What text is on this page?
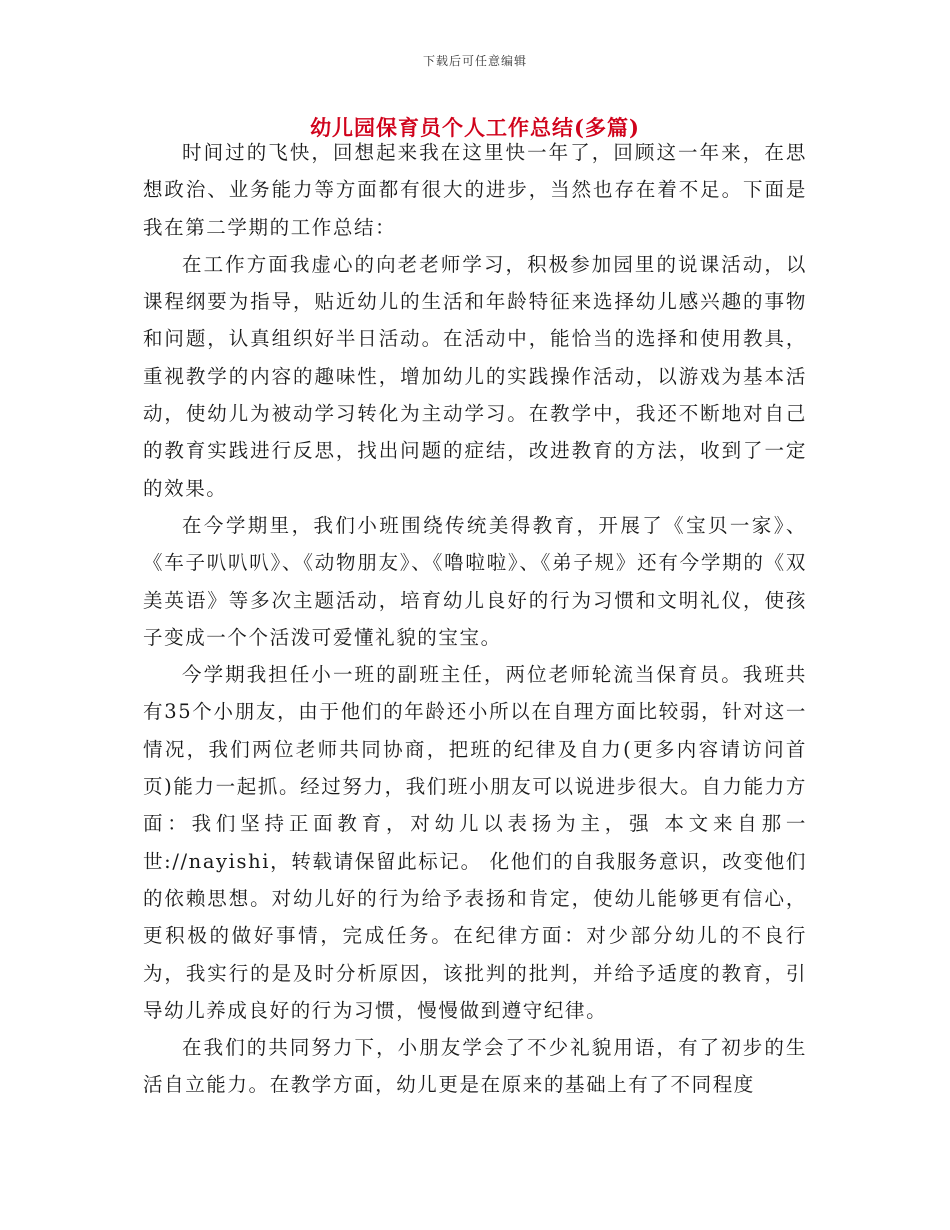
下载后可任意编辑
幼儿园保育员个人工作总结(多篇)

时间过的飞快，回想起来我在这里快一年了，回顾这一年来，在思想政治、业务能力等方面都有很大的进步，当然也存在着不足。下面是我在第二学期的工作总结：

在工作方面我虚心的向老老师学习，积极参加园里的说课活动，以课程纲要为指导，贴近幼儿的生活和年龄特征来选择幼儿感兴趣的事物和问题，认真组织好半日活动。在活动中，能恰当的选择和使用教具，重视教学的内容的趣味性，增加幼儿的实践操作活动，以游戏为基本活动，使幼儿为被动学习转化为主动学习。在教学中，我还不断地对自己的教育实践进行反思，找出问题的症结，改进教育的方法，收到了一定的效果。

在今学期里，我们小班围绕传统美得教育，开展了《宝贝一家》、《车子叭叭叭》、《动物朋友》、《噜啦啦》、《弟子规》还有今学期的《双美英语》等多次主题活动，培育幼儿良好的行为习惯和文明礼仪，使孩子变成一个个活泼可爱懂礼貌的宝宝。

今学期我担任小一班的副班主任，两位老师轮流当保育员。我班共有35个小朋友，由于他们的年龄还小所以在自理方面比较弱，针对这一情况，我们两位老师共同协商，把班的纪律及自力(更多内容请访问首页)能力一起抓。经过努力，我们班小朋友可以说进步很大。自力能力方面：我们坚持正面教育，对幼儿以表扬为主，强 本文来自那一世://nayishi，转载请保留此标记。 化他们的自我服务意识，改变他们的依赖思想。对幼儿好的行为给予表扬和肯定，使幼儿能够更有信心，更积极的做好事情，完成任务。在纪律方面：对少部分幼儿的不良行为，我实行的是及时分析原因，该批判的批判，并给予适度的教育，引导幼儿养成良好的行为习惯，慢慢做到遵守纪律。

在我们的共同努力下，小朋友学会了不少礼貌用语，有了初步的生活自立能力。在教学方面，幼儿更是在原来的基础上有了不同程度
